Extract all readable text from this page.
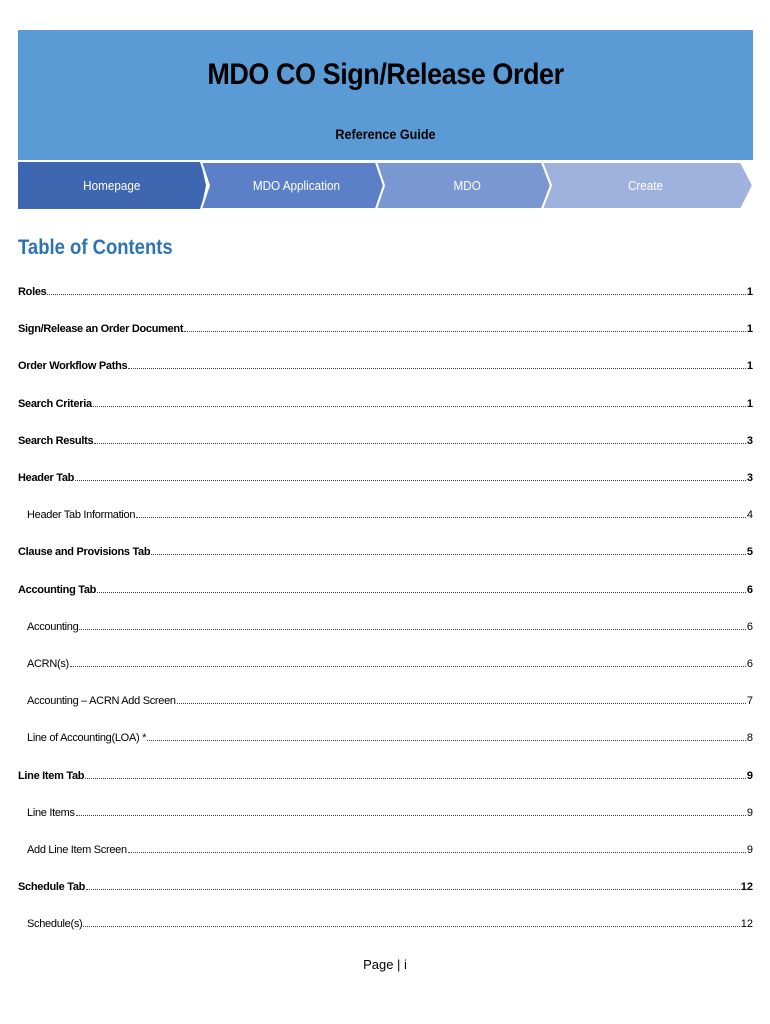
MDO CO Sign/Release Order
Reference Guide
Homepage	MDO Application	MDO	Create
Table of Contents
Roles	1
Sign/Release an Order Document	1
Order Workflow Paths	1
Search Criteria	1
Search Results	3
Header Tab	3
Header Tab Information	4
Clause and Provisions Tab	5
Accounting Tab	6
Accounting	6
ACRN(s)	6
Accounting – ACRN Add Screen	7
Line of Accounting(LOA) *	8
Line Item Tab	9
Line Items	9
Add Line Item Screen	9
Schedule Tab	12
Schedule(s)	12
Page | i
